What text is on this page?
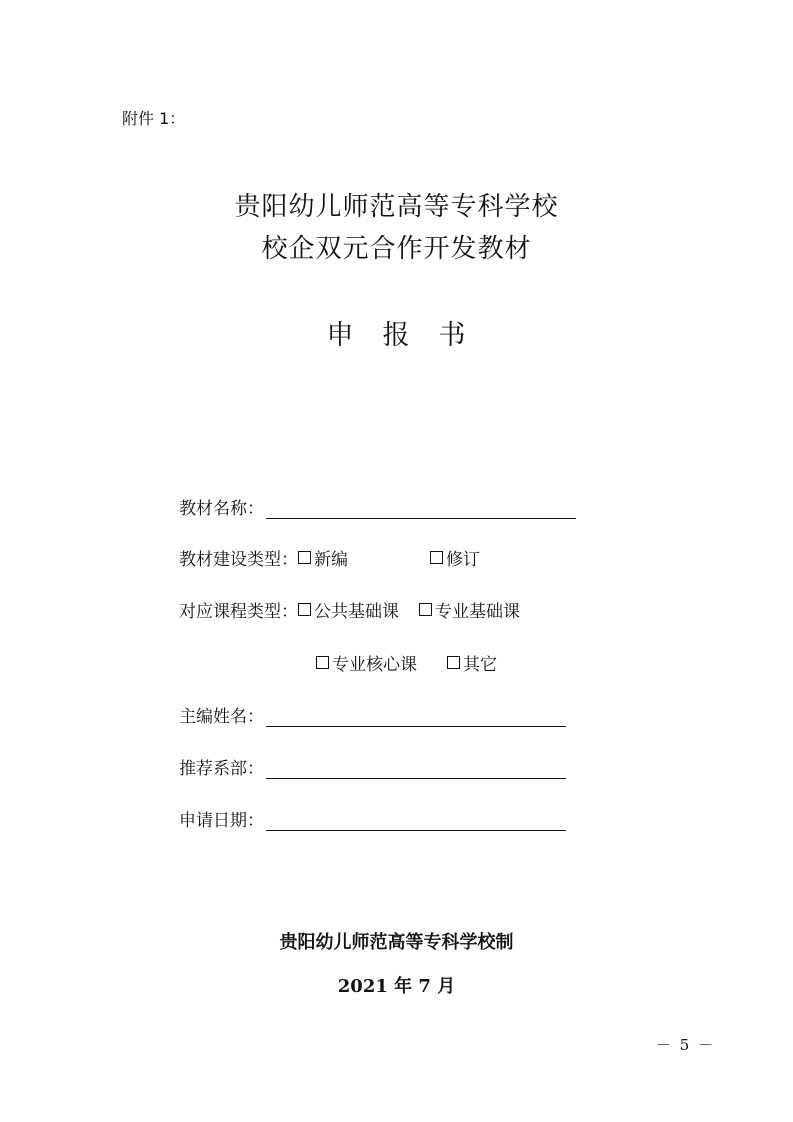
附件 1：
贵阳幼儿师范高等专科学校
校企双元合作开发教材
申 报 书
教材名称：
教材建设类型： 新编	修订
对应课程类型： 公共基础课 专业基础课
专业核心课	其它
主编姓名：
推荐系部：
申请日期：
贵阳幼儿师范高等专科学校制
2021 年 7 月
－ 5 －
